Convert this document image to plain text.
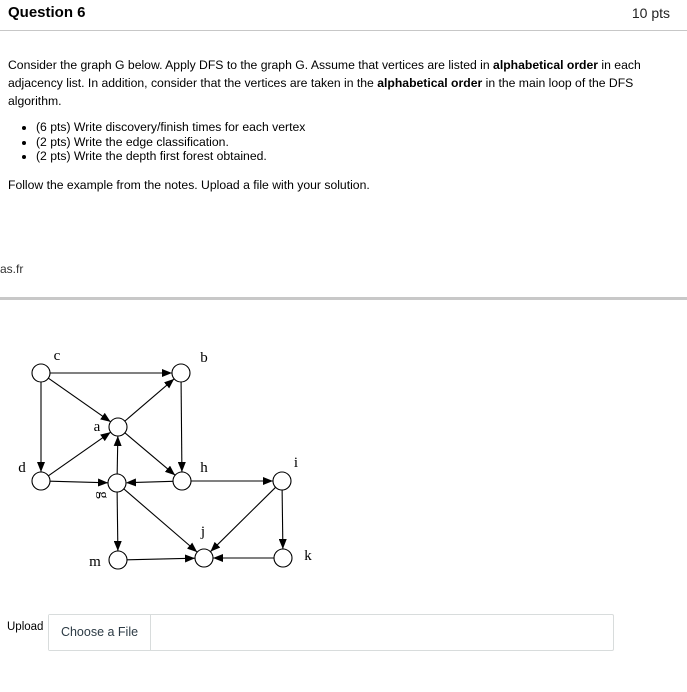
Question 6	10 pts
Consider the graph G below. Apply DFS to the graph G. Assume that vertices are listed in alphabetical order in each adjacency list. In addition, consider that the vertices are taken in the alphabetical order in the main loop of the DFS algorithm.
• (6 pts) Write discovery/finish times for each vertex
• (2 pts) Write the edge classification.
• (2 pts) Write the depth first forest obtained.
Follow the example from the notes. Upload a file with your solution.
as.fr
a
b
c
d
g
h	i
j
k
m
Upload	Choose a File
